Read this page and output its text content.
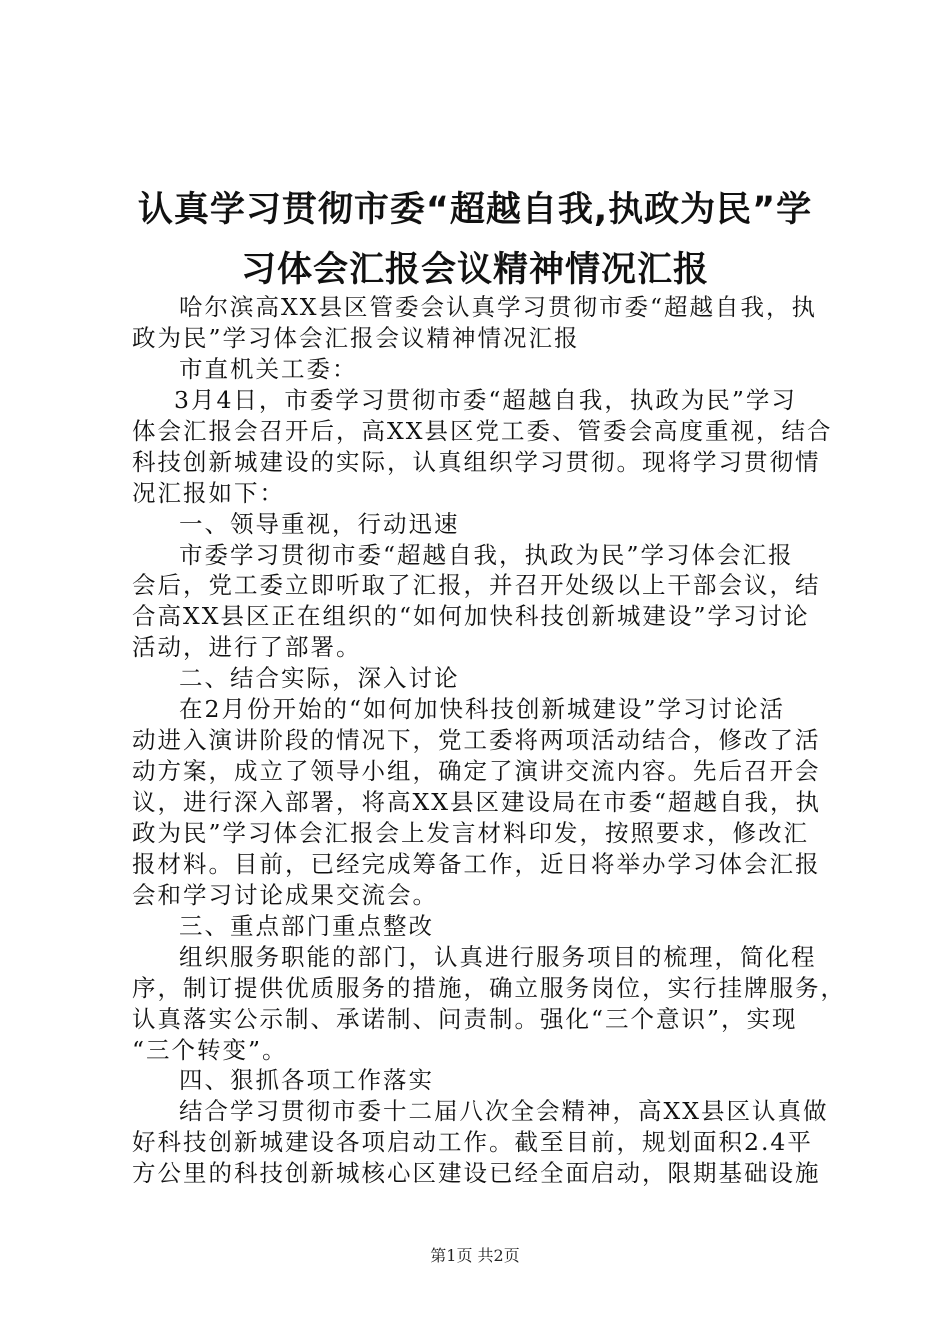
认真学习贯彻市委“超越自我,执政为民”学
习体会汇报会议精神情况汇报
哈尔滨高XX县区管委会认真学习贯彻市委“超越自我，执
政为民”学习体会汇报会议精神情况汇报
市直机关工委：
3月4日，市委学习贯彻市委“超越自我，执政为民”学习
体会汇报会召开后，高XX县区党工委、管委会高度重视，结合
科技创新城建设的实际，认真组织学习贯彻。现将学习贯彻情
况汇报如下：
一、领导重视，行动迅速
市委学习贯彻市委“超越自我，执政为民”学习体会汇报
会后，党工委立即听取了汇报，并召开处级以上干部会议，结
合高XX县区正在组织的“如何加快科技创新城建设”学习讨论
活动，进行了部署。
二、结合实际，深入讨论
在2月份开始的“如何加快科技创新城建设”学习讨论活
动进入演讲阶段的情况下，党工委将两项活动结合，修改了活
动方案，成立了领导小组，确定了演讲交流内容。先后召开会
议，进行深入部署，将高XX县区建设局在市委“超越自我，执
政为民”学习体会汇报会上发言材料印发，按照要求，修改汇
报材料。目前，已经完成筹备工作，近日将举办学习体会汇报
会和学习讨论成果交流会。
三、重点部门重点整改
组织服务职能的部门，认真进行服务项目的梳理，简化程
序，制订提供优质服务的措施，确立服务岗位，实行挂牌服务，
认真落实公示制、承诺制、问责制。强化“三个意识”，实现
“三个转变”。
四、狠抓各项工作落实
结合学习贯彻市委十二届八次全会精神，高XX县区认真做
好科技创新城建设各项启动工作。截至目前，规划面积2.4平
方公里的科技创新城核心区建设已经全面启动，限期基础设施
第1页 共2页
